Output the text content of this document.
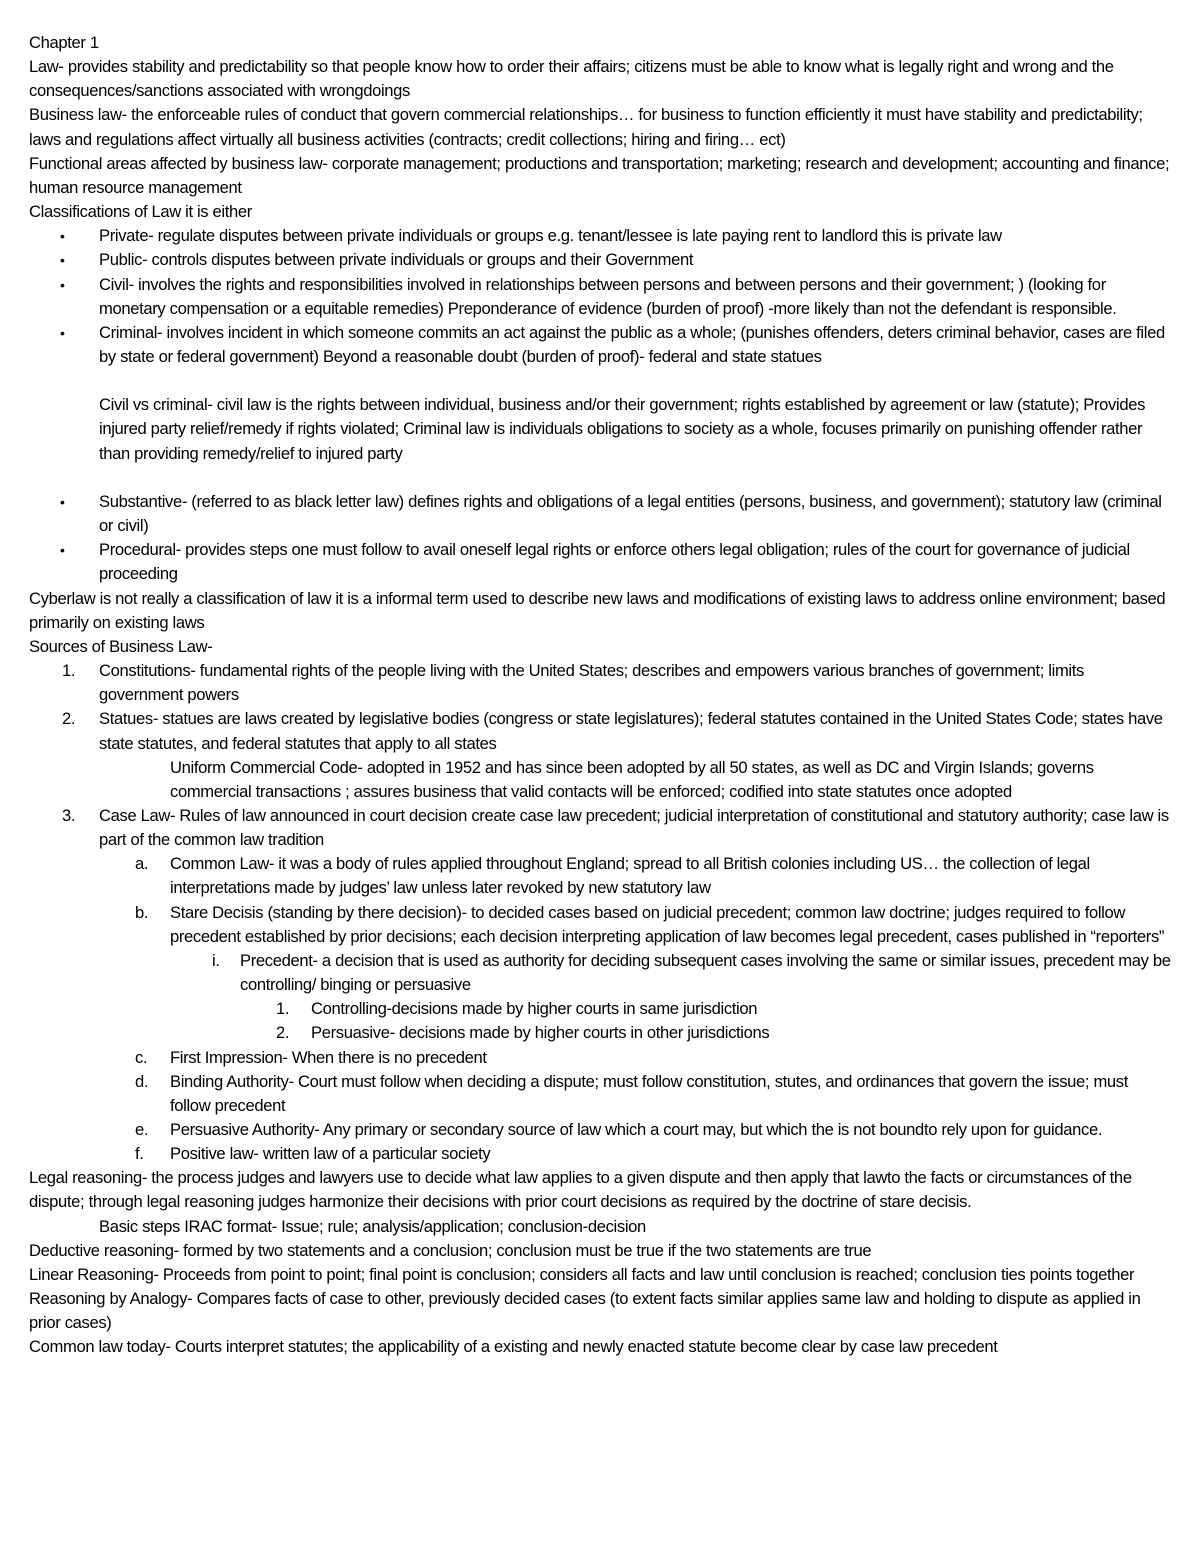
Chapter 1

Law- provides stability and predictability so that people know how to order their affairs; citizens must be able to know what is legally right and wrong and the consequences/sanctions associated with wrongdoings

Business law- the enforceable rules of conduct that govern commercial relationships… for business to function efficiently it must have stability and predictability; laws and regulations affect virtually all business activities (contracts; credit collections; hiring and firing… ect)

Functional areas affected by business law- corporate management; productions and transportation; marketing; research and development; accounting and finance; human resource management

Classifications of Law it is either

• Private- regulate disputes between private individuals or groups e.g. tenant/lessee is late paying rent to landlord this is private law
• Public- controls disputes between private individuals or groups and their Government
• Civil- involves the rights and responsibilities involved in relationships between persons and between persons and their government; ) (looking for monetary compensation or a equitable remedies) Preponderance of evidence (burden of proof) -more likely than not the defendant is responsible.
• Criminal- involves incident in which someone commits an act against the public as a whole; (punishes offenders, deters criminal behavior, cases are filed by state or federal government) Beyond a reasonable doubt (burden of proof)- federal and state statues

Civil vs criminal- civil law is the rights between individual, business and/or their government; rights established by agreement or law (statute); Provides injured party relief/remedy if rights violated; Criminal law is individuals obligations to society as a whole, focuses primarily on punishing offender rather than providing remedy/relief to injured party

• Substantive- (referred to as black letter law) defines rights and obligations of a legal entities (persons, business, and government); statutory law (criminal or civil)
• Procedural- provides steps one must follow to avail oneself legal rights or enforce others legal obligation; rules of the court for governance of judicial proceeding

Cyberlaw is not really a classification of law it is a informal term used to describe new laws and modifications of existing laws to address online environment; based primarily on existing laws

Sources of Business Law-

1. Constitutions- fundamental rights of the people living with the United States; describes and empowers various branches of government; limits government powers
2. Statues- statues are laws created by legislative bodies (congress or state legislatures); federal statutes contained in the United States Code; states have state statutes, and federal statutes that apply to all states

Uniform Commercial Code- adopted in 1952 and has since been adopted by all 50 states, as well as DC and Virgin Islands; governs commercial transactions ; assures business that valid contacts will be enforced; codified into state statutes once adopted

3. Case Law- Rules of law announced in court decision create case law precedent; judicial interpretation of constitutional and statutory authority; case law is part of the common law tradition
a. Common Law- it was a body of rules applied throughout England; spread to all British colonies including US… the collection of legal interpretations made by judges’ law unless later revoked by new statutory law
b. Stare Decisis (standing by there decision)- to decided cases based on judicial precedent; common law doctrine; judges required to follow precedent established by prior decisions; each decision interpreting application of law becomes legal precedent, cases published in “reporters”
i. Precedent- a decision that is used as authority for deciding subsequent cases involving the same or similar issues, precedent may be controlling/ binging or persuasive
1. Controlling-decisions made by higher courts in same jurisdiction
2. Persuasive- decisions made by higher courts in other jurisdictions
c. First Impression- When there is no precedent
d. Binding Authority- Court must follow when deciding a dispute; must follow constitution, stutes, and ordinances that govern the issue; must follow precedent
e. Persuasive Authority- Any primary or secondary source of law which a court may, but which the is not boundto rely upon for guidance.
f. Positive law- written law of a particular society

Legal reasoning- the process judges and lawyers use to decide what law applies to a given dispute and then apply that lawto the facts or circumstances of the dispute; through legal reasoning judges harmonize their decisions with prior court decisions as required by the doctrine of stare decisis.

Basic steps IRAC format- Issue; rule; analysis/application; conclusion-decision

Deductive reasoning- formed by two statements and a conclusion; conclusion must be true if the two statements are true

Linear Reasoning- Proceeds from point to point; final point is conclusion; considers all facts and law until conclusion is reached; conclusion ties points together

Reasoning by Analogy- Compares facts of case to other, previously decided cases (to extent facts similar applies same law and holding to dispute as applied in prior cases)

Common law today- Courts interpret statutes; the applicability of a existing and newly enacted statute become clear by case law precedent
